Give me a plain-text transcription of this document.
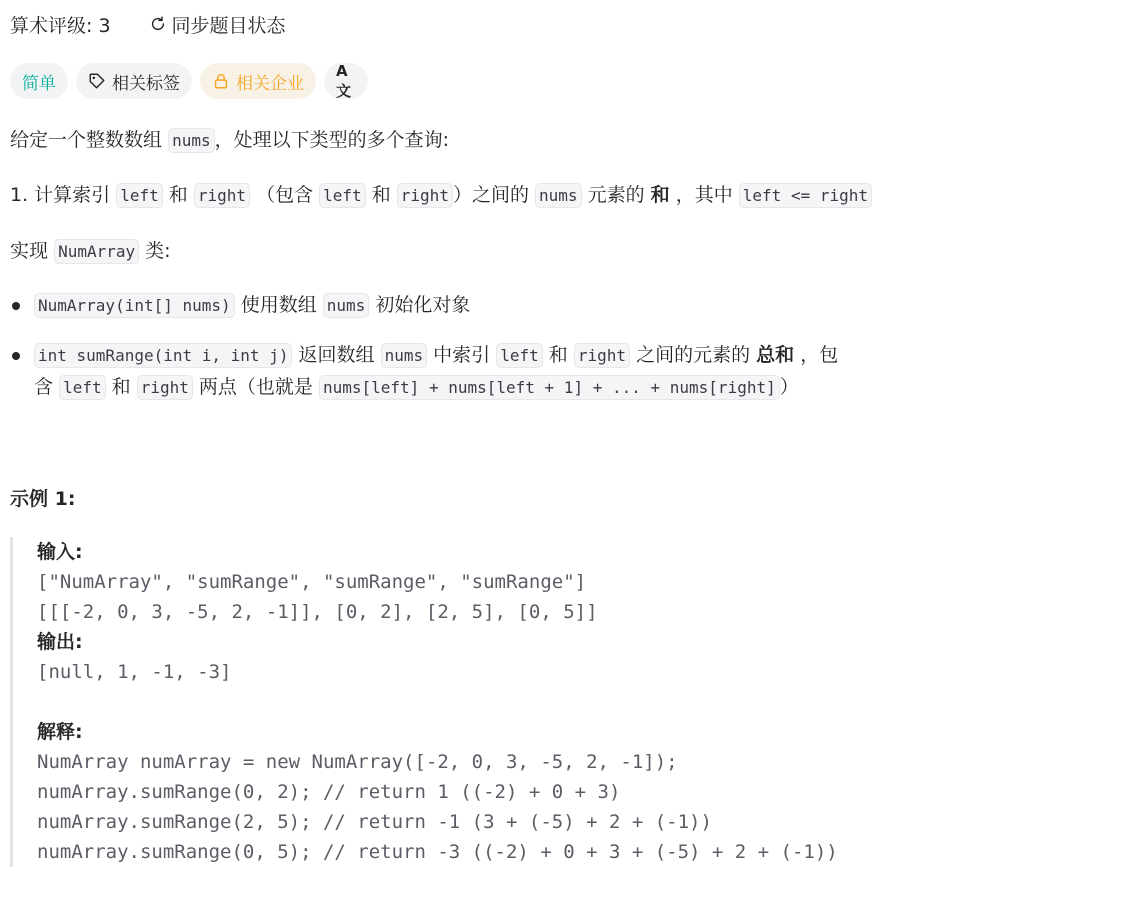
算术评级: 3	同步题目状态
简单	相关标签	相关企业
A文
给定一个整数数组 nums ，处理以下类型的多个查询:
1. 计算索引 left 和 right （包含 left 和 right ）之间的 nums 元素的 和 ，其中 left <= right
实现 NumArray 类:
NumArray(int[] nums) 使用数组 nums 初始化对象
int sumRange(int i, int j) 返回数组 nums 中索引 left 和 right 之间的元素的 总和 ，包
含 left 和 right 两点（也就是 nums[left] + nums[left + 1] + ... + nums[right] ）
示例 1:
输入:
["NumArray", "sumRange", "sumRange", "sumRange"]
[[[-2, 0, 3, -5, 2, -1]], [0, 2], [2, 5], [0, 5]]
输出:
[null, 1, -1, -3]
解释:
NumArray numArray = new NumArray([-2, 0, 3, -5, 2, -1]);
numArray.sumRange(0, 2); // return 1 ((-2) + 0 + 3)
numArray.sumRange(2, 5); // return -1 (3 + (-5) + 2 + (-1))
numArray.sumRange(0, 5); // return -3 ((-2) + 0 + 3 + (-5) + 2 + (-1))
